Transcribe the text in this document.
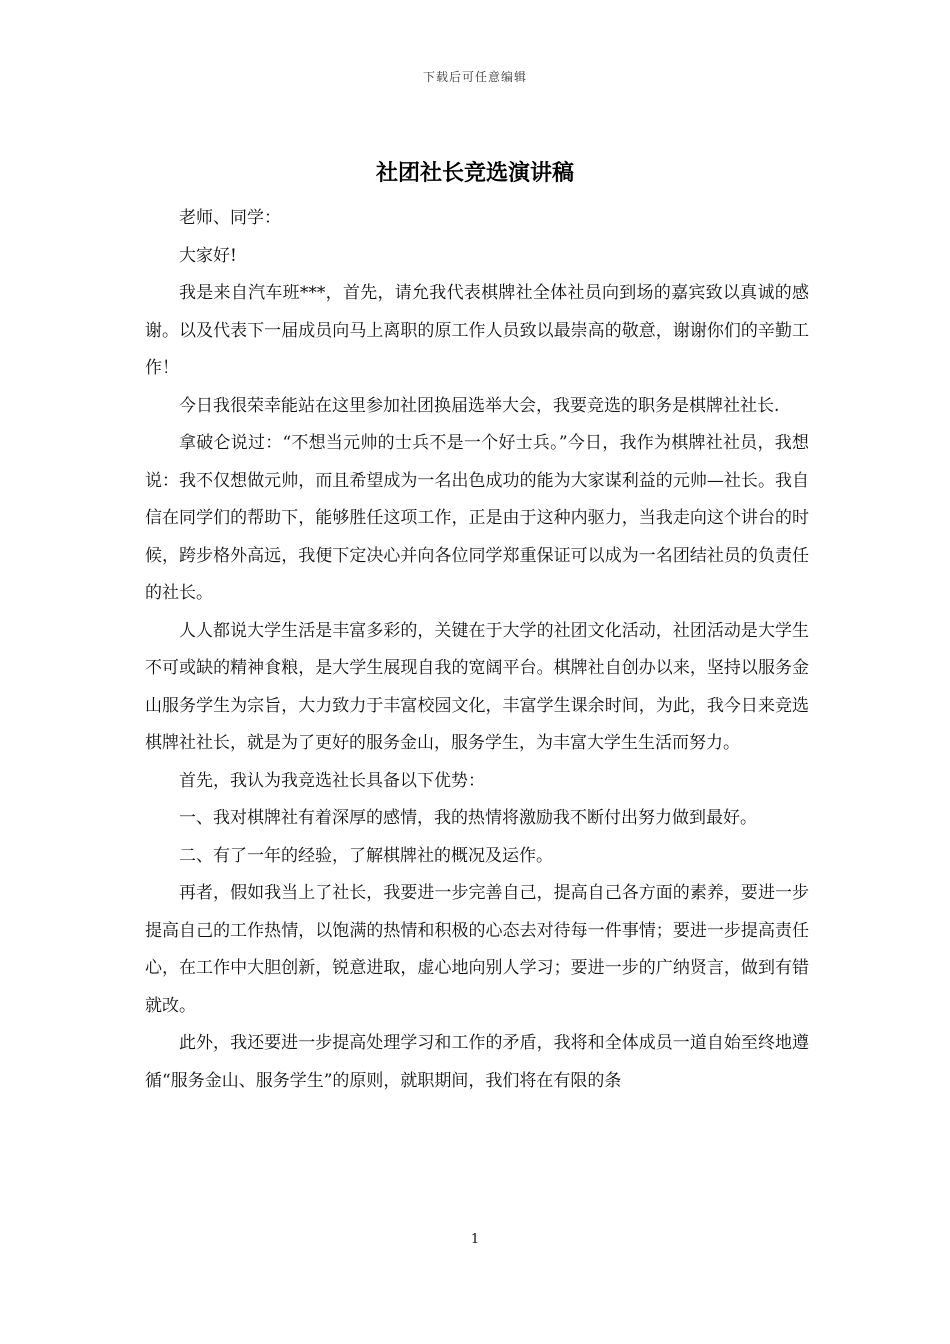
下载后可任意编辑
社团社长竞选演讲稿

老师、同学：

大家好!

我是来自汽车班***，首先，请允我代表棋牌社全体社员向到场的嘉宾致以真诚的感谢。以及代表下一届成员向马上离职的原工作人员致以最崇高的敬意，谢谢你们的辛勤工作！

今日我很荣幸能站在这里参加社团换届选举大会，我要竞选的职务是棋牌社社长.

拿破仑说过：“不想当元帅的士兵不是一个好士兵。”今日，我作为棋牌社社员，我想说：我不仅想做元帅，而且希望成为一名出色成功的能为大家谋利益的元帅—社长。我自信在同学们的帮助下，能够胜任这项工作，正是由于这种内驱力，当我走向这个讲台的时候，跨步格外高远，我便下定决心并向各位同学郑重保证可以成为一名团结社员的负责任的社长。

人人都说大学生活是丰富多彩的，关键在于大学的社团文化活动，社团活动是大学生不可或缺的精神食粮，是大学生展现自我的宽阔平台。棋牌社自创办以来，坚持以服务金山服务学生为宗旨，大力致力于丰富校园文化，丰富学生课余时间，为此，我今日来竞选棋牌社社长，就是为了更好的服务金山，服务学生，为丰富大学生生活而努力。

首先，我认为我竞选社长具备以下优势：

一、我对棋牌社有着深厚的感情，我的热情将激励我不断付出努力做到最好。

二、有了一年的经验，了解棋牌社的概况及运作。

再者，假如我当上了社长，我要进一步完善自己，提高自己各方面的素养，要进一步提高自己的工作热情，以饱满的热情和积极的心态去对待每一件事情；要进一步提高责任心，在工作中大胆创新，锐意进取，虚心地向别人学习；要进一步的广纳贤言，做到有错就改。

此外，我还要进一步提高处理学习和工作的矛盾，我将和全体成员一道自始至终地遵循“服务金山、服务学生”的原则，就职期间，我们将在有限的条

1
